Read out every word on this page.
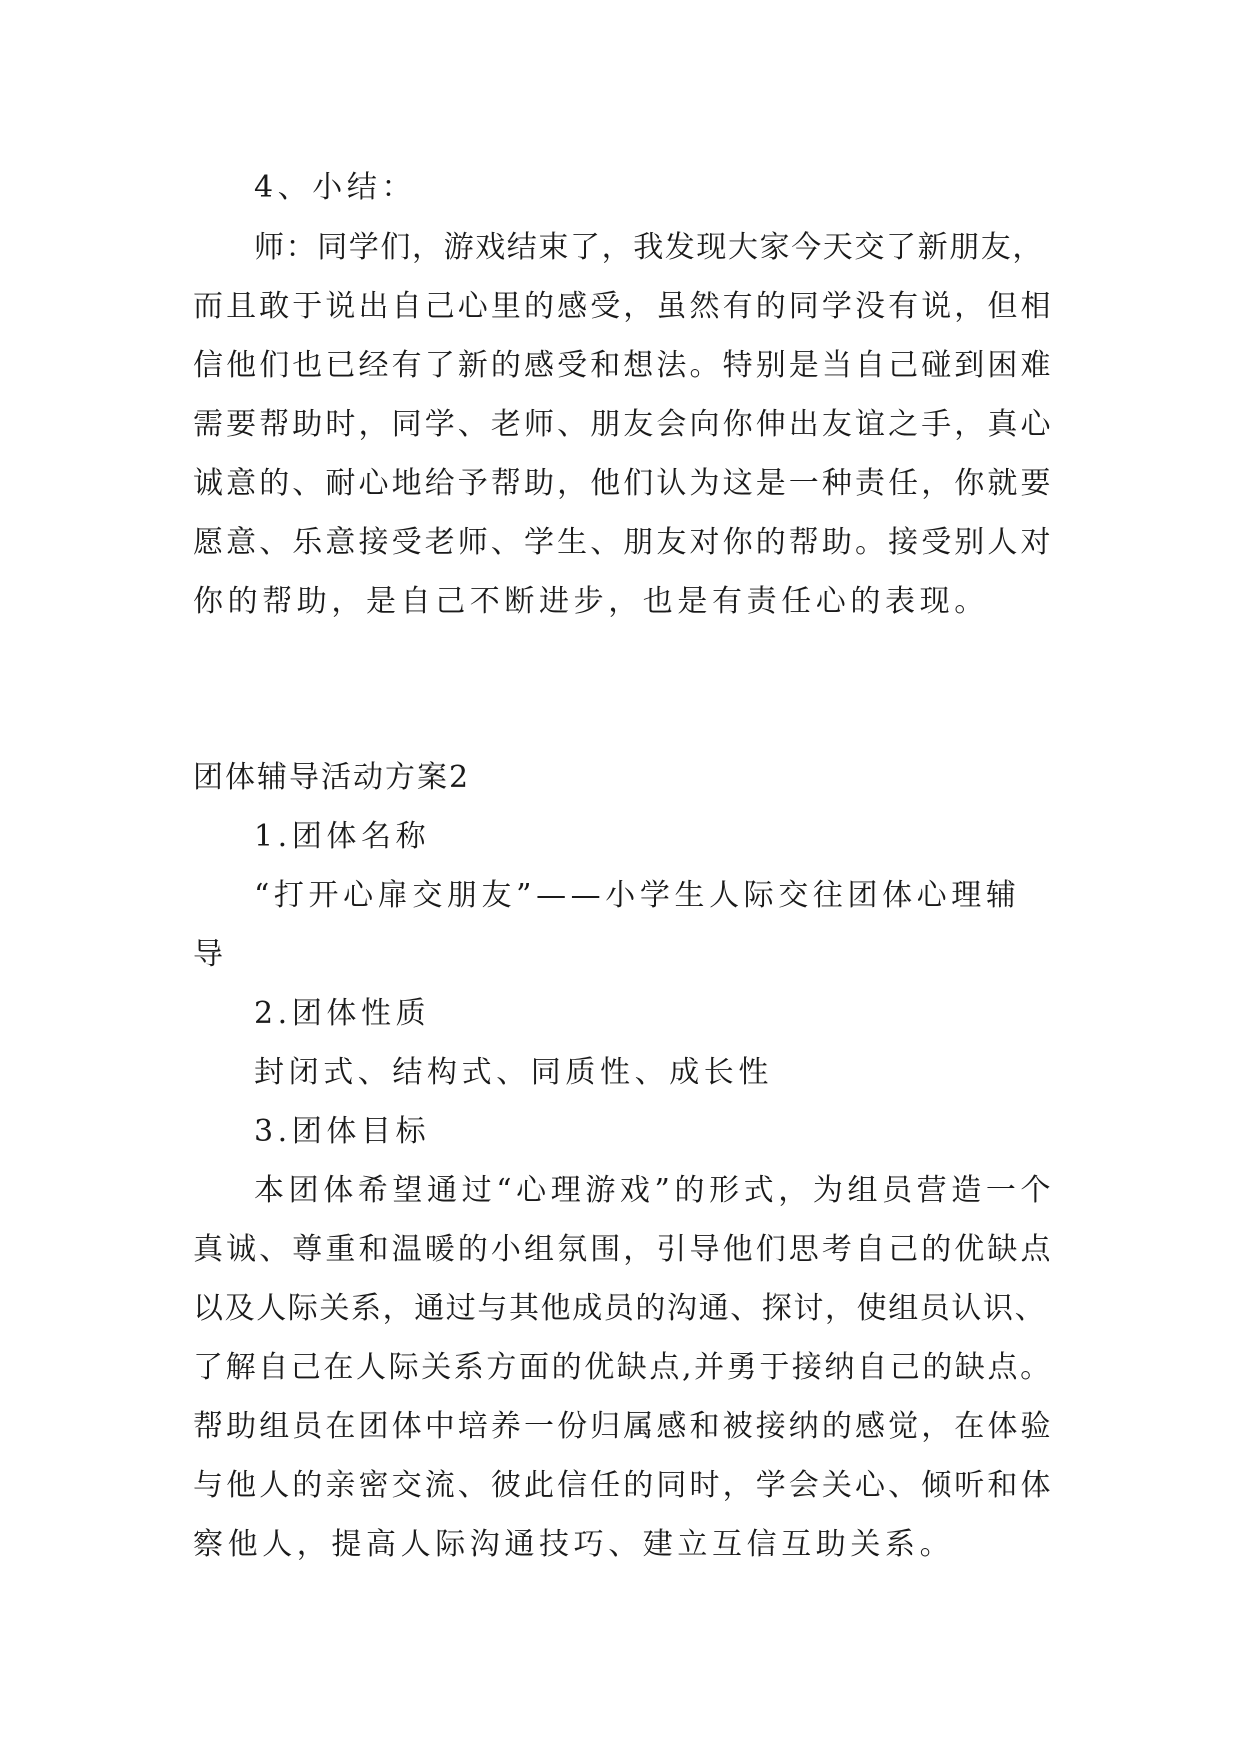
4、小结：
师：同学们，游戏结束了，我发现大家今天交了新朋友，
而且敢于说出自己心里的感受，虽然有的同学没有说，但相
信他们也已经有了新的感受和想法。特别是当自己碰到困难
需要帮助时，同学、老师、朋友会向你伸出友谊之手，真心
诚意的、耐心地给予帮助，他们认为这是一种责任，你就要
愿意、乐意接受老师、学生、朋友对你的帮助。接受别人对
你的帮助，是自己不断进步，也是有责任心的表现。
团体辅导活动方案2
1.团体名称
“打开心扉交朋友”——小学生人际交往团体心理辅
导
2.团体性质
封闭式、结构式、同质性、成长性
3.团体目标
本团体希望通过“心理游戏”的形式，为组员营造一个
真诚、尊重和温暖的小组氛围，引导他们思考自己的优缺点
以及人际关系，通过与其他成员的沟通、探讨，使组员认识、
了解自己在人际关系方面的优缺点,并勇于接纳自己的缺点。
帮助组员在团体中培养一份归属感和被接纳的感觉，在体验
与他人的亲密交流、彼此信任的同时，学会关心、倾听和体
察他人，提高人际沟通技巧、建立互信互助关系。
